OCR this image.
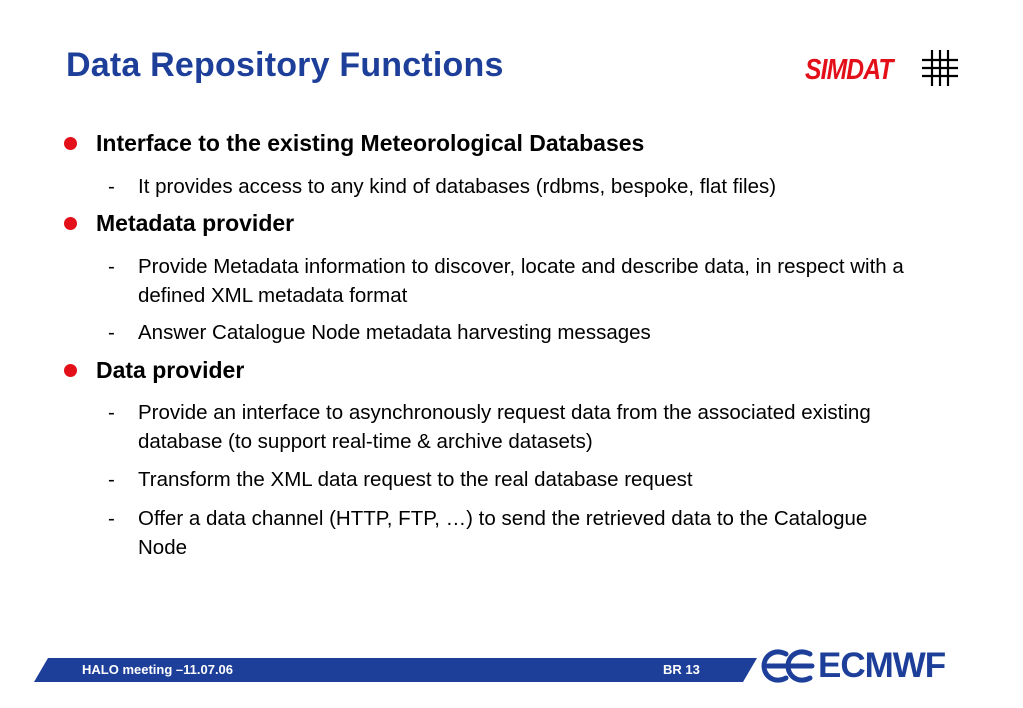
Data Repository Functions	SIMDAT
Interface to the existing Meteorological Databases
-	It provides access to any kind of databases (rdbms, bespoke, flat files)
Metadata provider
-	Provide Metadata information to discover, locate and describe data, in respect with a defined XML metadata format
-	Answer Catalogue Node metadata harvesting messages
Data provider
-	Provide an interface to asynchronously request data from the associated existing database (to support real-time & archive datasets)
-	Transform the XML data request to the real database request
-	Offer a data channel (HTTP, FTP, …) to send the retrieved data to the Catalogue Node
HALO meeting –11.07.06	BR 13	ECMWF
